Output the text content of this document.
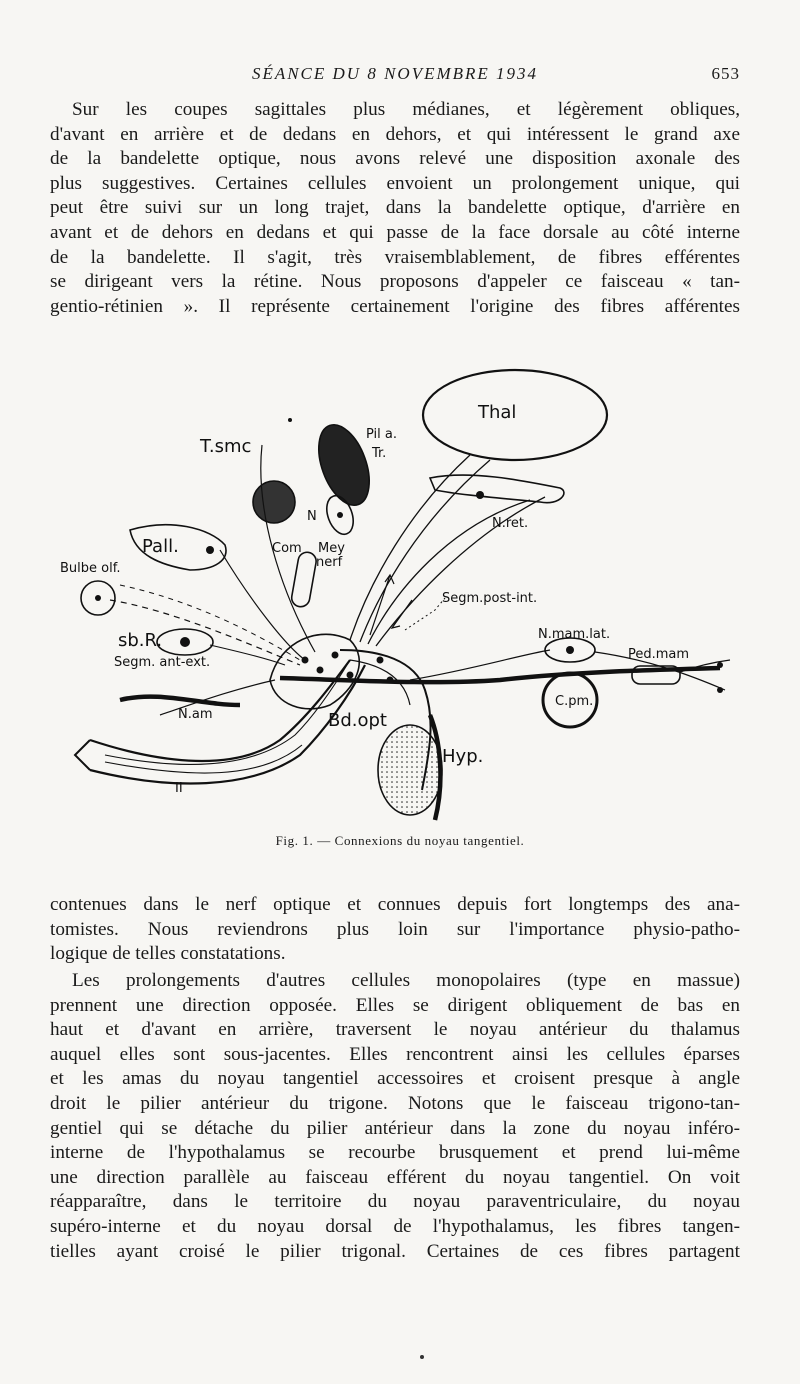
SÉANCE DU 8 NOVEMBRE 1934	653
Sur les coupes sagittales plus médianes, et légèrement obliques,
d'avant en arrière et de dedans en dehors, et qui intéressent le grand axe
de la bandelette optique, nous avons relevé une disposition axonale des
plus suggestives. Certaines cellules envoient un prolongement unique, qui
peut être suivi sur un long trajet, dans la bandelette optique, d'arrière en
avant et de dehors en dedans et qui passe de la face dorsale au côté interne
de la bandelette. Il s'agit, très vraisemblablement, de fibres efférentes
se dirigeant vers la rétine. Nous proposons d'appeler ce faisceau « tan-
gentio-rétinien ». Il représente certainement l'origine des fibres afférentes
Thal
T.smc
Pil a.
Tr.
N	N.ret.
Pall.
Bulbe olf.
Com Mey
nerf
Segm.post-int.
sb.R.
Segm. ant-ext.
N.mam.lat.
Ped.mam
C.pm.
N.am	Bd.opt
Hyp.
II
Fig. 1. — Connexions du noyau tangentiel.
contenues dans le nerf optique et connues depuis fort longtemps des ana-
tomistes. Nous reviendrons plus loin sur l'importance physio-patho-
logique de telles constatations.
Les prolongements d'autres cellules monopolaires (type en massue)
prennent une direction opposée. Elles se dirigent obliquement de bas en
haut et d'avant en arrière, traversent le noyau antérieur du thalamus
auquel elles sont sous-jacentes. Elles rencontrent ainsi les cellules éparses
et les amas du noyau tangentiel accessoires et croisent presque à angle
droit le pilier antérieur du trigone. Notons que le faisceau trigono-tan-
gentiel qui se détache du pilier antérieur dans la zone du noyau inféro-
interne de l'hypothalamus se recourbe brusquement et prend lui-même
une direction parallèle au faisceau efférent du noyau tangentiel. On voit
réapparaître, dans le territoire du noyau paraventriculaire, du noyau
supéro-interne et du noyau dorsal de l'hypothalamus, les fibres tangen-
tielles ayant croisé le pilier trigonal. Certaines de ces fibres partagent
